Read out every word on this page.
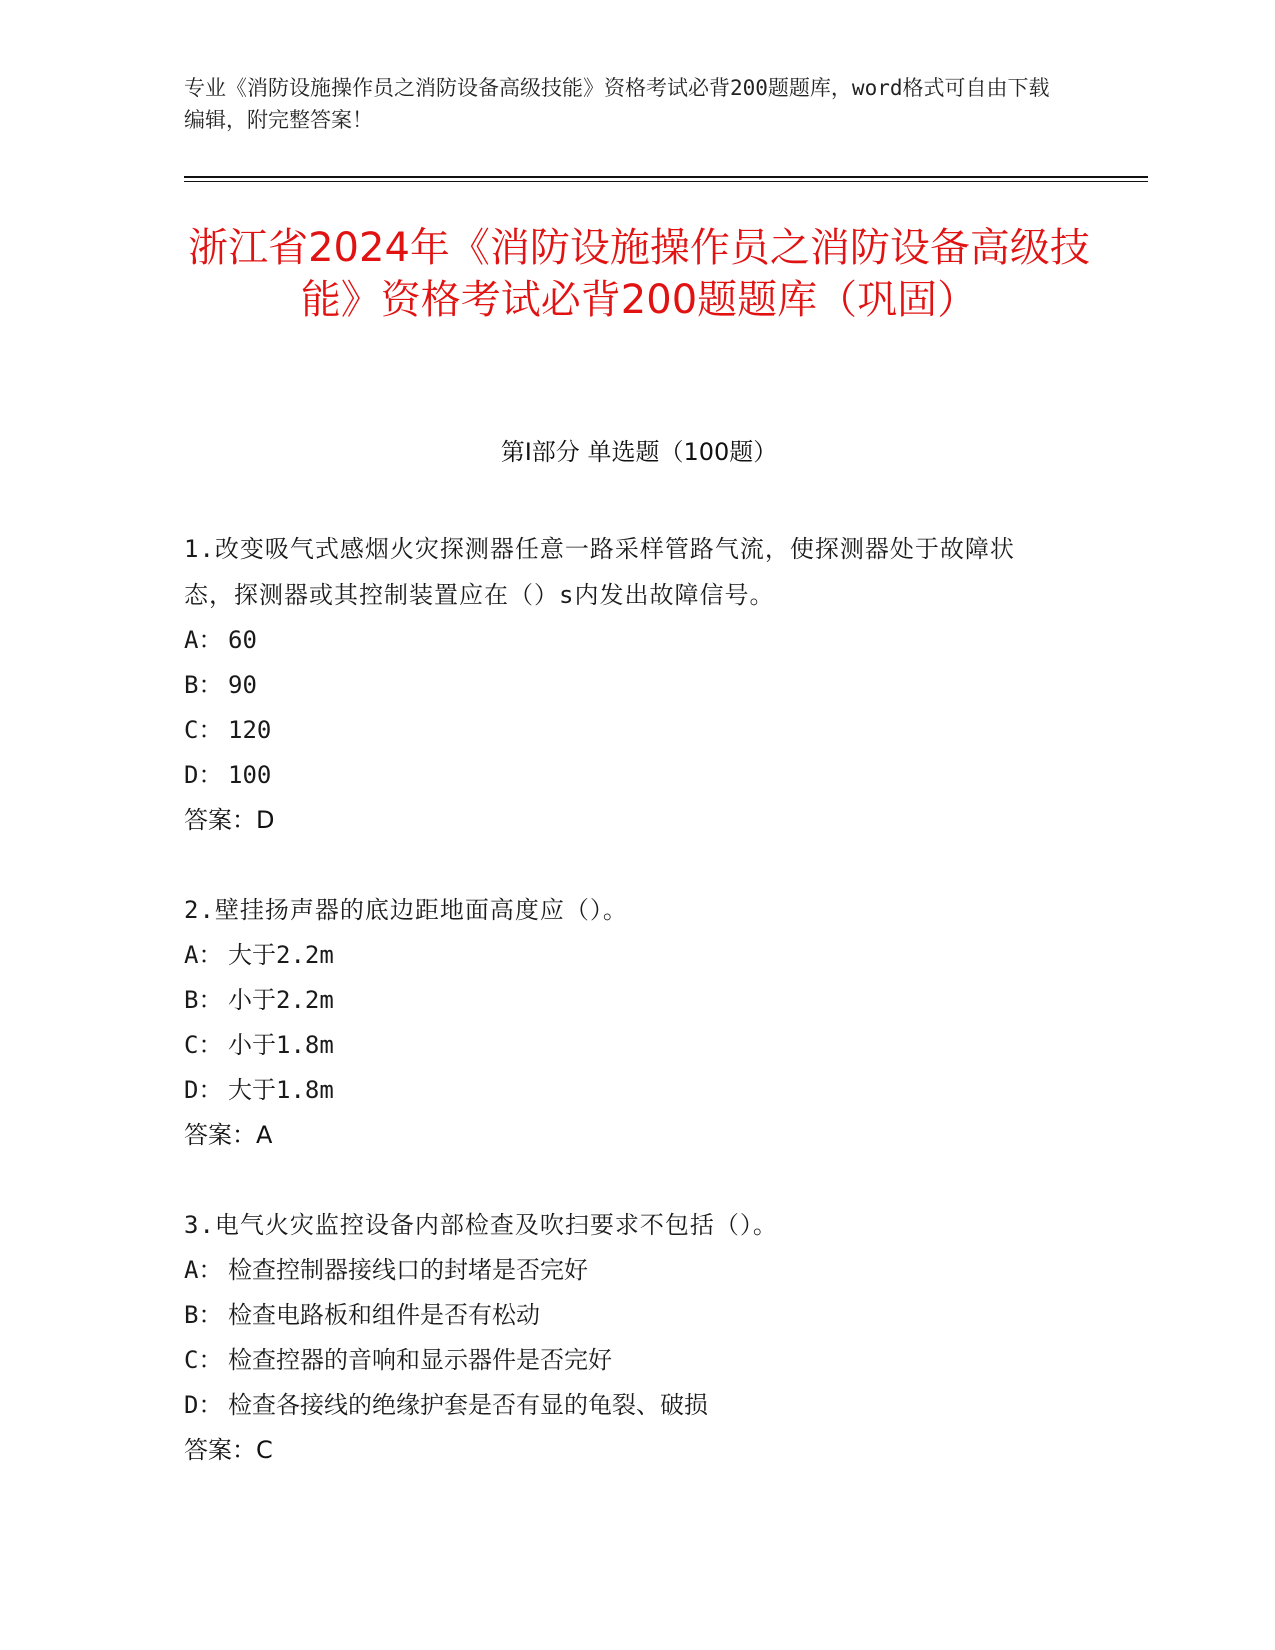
专业《消防设施操作员之消防设备高级技能》资格考试必背200题题库，word格式可自由下载编辑，附完整答案！
浙江省2024年《消防设施操作员之消防设备高级技能》资格考试必背200题题库（巩固）
第I部分 单选题（100题）

1.改变吸气式感烟火灾探测器任意一路采样管路气流，使探测器处于故障状态，探测器或其控制装置应在（）s内发出故障信号。

A： 60

B： 90

C： 120

D： 100

答案：D

2.壁挂扬声器的底边距地面高度应（）。

A： 大于2.2m

B： 小于2.2m

C： 小于1.8m

D： 大于1.8m

答案：A

3.电气火灾监控设备内部检查及吹扫要求不包括（）。

A： 检查控制器接线口的封堵是否完好

B： 检查电路板和组件是否有松动

C： 检查控器的音响和显示器件是否完好

D： 检查各接线的绝缘护套是否有显的龟裂、破损

答案：C
